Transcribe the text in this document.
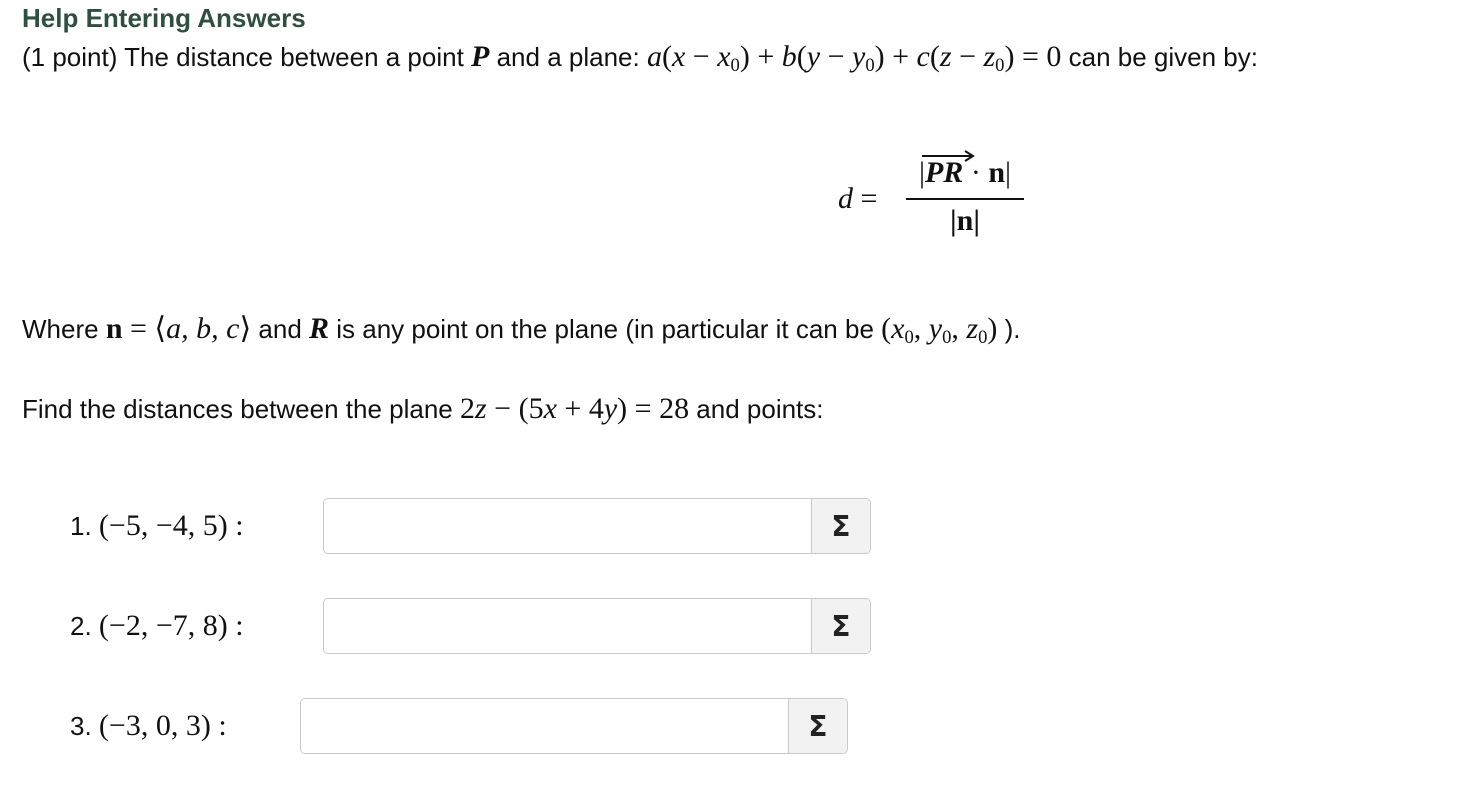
Help Entering Answers
(1 point) The distance between a point P and a plane: $a(x - x_0) + b(y - y_0) + c(z - z_0) = 0$ can be given by:
d =
|PR · n|
|n|
Where n = ⟨a, b, c⟩ and R is any point on the plane (in particular it can be ($x_0$, $y_0$, $z_0$) ).
Find the distances between the plane 2z − (5x + 4y) = 28 and points:
1. (−5, −4, 5) :	Σ
2. (−2, −7, 8) :	Σ
3. (−3, 0, 3) :	Σ
